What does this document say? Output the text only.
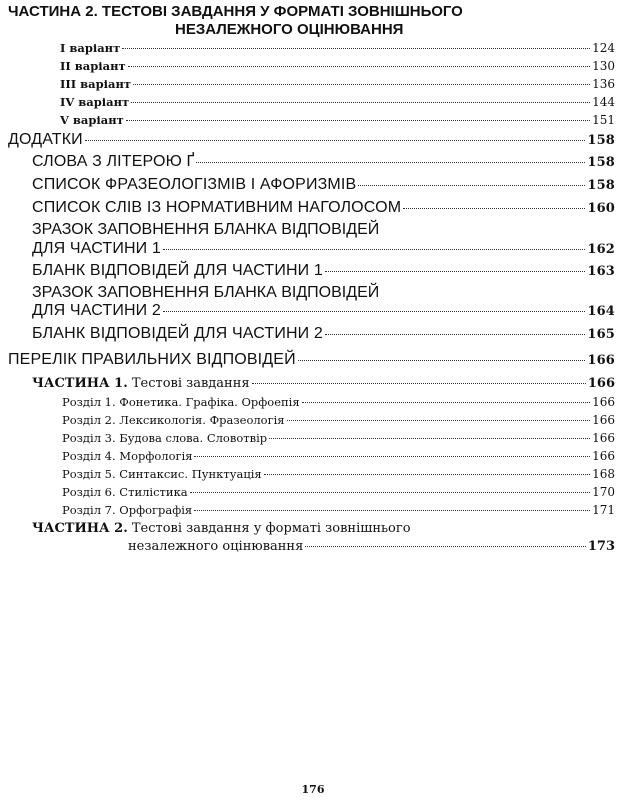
ЧАСТИНА 2. ТЕСТОВІ ЗАВДАННЯ У ФОРМАТІ ЗОВНІШНЬОГО
НЕЗАЛЕЖНОГО ОЦІНЮВАННЯ
І варіант	124
ІІ варіант	130
ІІІ варіант	136
ІV варіант	144
V варіант	151
ДОДАТКИ	158
СЛОВА З ЛІТЕРОЮ Ґ	158
СПИСОК ФРАЗЕОЛОГІЗМІВ І АФОРИЗМІВ	158
СПИСОК СЛІВ ІЗ НОРМАТИВНИМ НАГОЛОСОМ	160
ЗРАЗОК ЗАПОВНЕННЯ БЛАНКА ВІДПОВІДЕЙ
ДЛЯ ЧАСТИНИ 1	162
БЛАНК ВІДПОВІДЕЙ ДЛЯ ЧАСТИНИ 1	163
ЗРАЗОК ЗАПОВНЕННЯ БЛАНКА ВІДПОВІДЕЙ
ДЛЯ ЧАСТИНИ 2	164
БЛАНК ВІДПОВІДЕЙ ДЛЯ ЧАСТИНИ 2	165
ПЕРЕЛІК ПРАВИЛЬНИХ ВІДПОВІДЕЙ	166
ЧАСТИНА 1. Тестові завдання	166
Розділ 1. Фонетика. Графіка. Орфоепія	166
Розділ 2. Лексикологія. Фразеологія	166
Розділ 3. Будова слова. Словотвір	166
Розділ 4. Морфологія	166
Розділ 5. Синтаксис. Пунктуація	168
Розділ 6. Стилістика	170
Розділ 7. Орфографія	171
ЧАСТИНА 2. Тестові завдання у форматі зовнішнього
незалежного оцінювання	173
176
